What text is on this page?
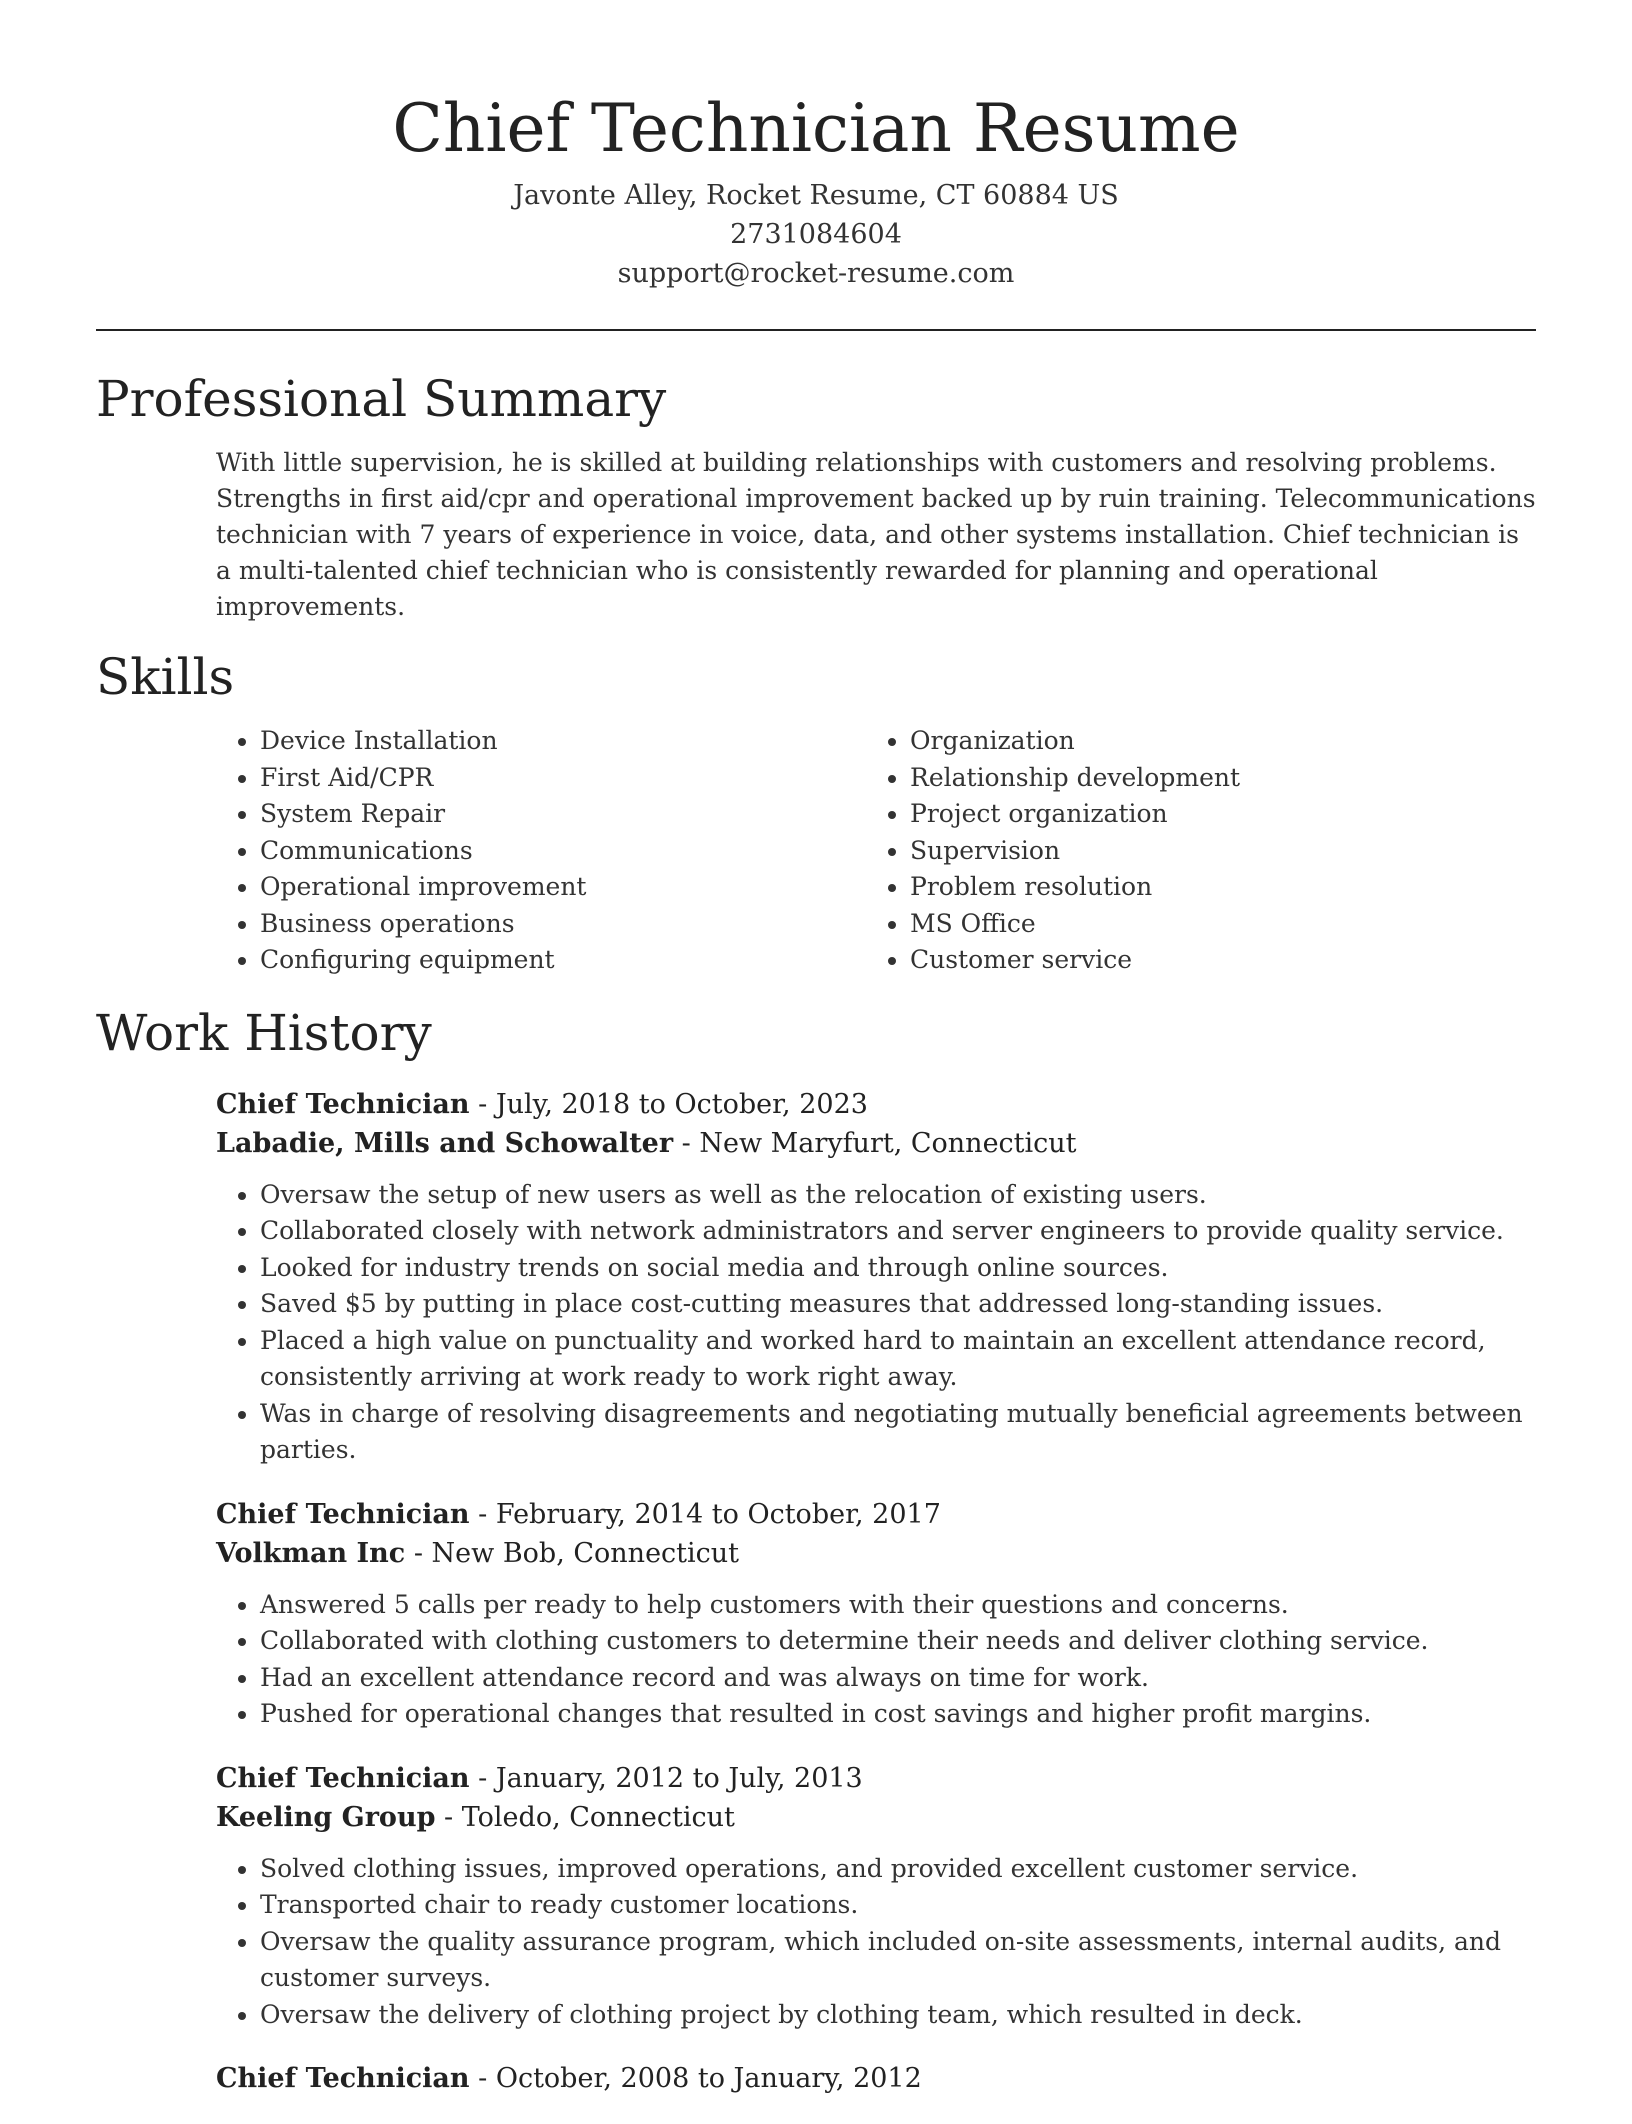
Chief Technician Resume

Javonte Alley, Rocket Resume, CT 60884 US

2731084604

support@rocket-resume.com

Professional Summary

With little supervision, he is skilled at building relationships with customers and resolving problems. Strengths in first aid/cpr and operational improvement backed up by ruin training. Telecommunications technician with 7 years of experience in voice, data, and other systems installation. Chief technician is a multi-talented chief technician who is consistently rewarded for planning and operational improvements.

Skills
• Device Installation
• First Aid/CPR
• System Repair
• Communications
• Operational improvement
• Business operations
• Configuring equipment
• Organization
• Relationship development
• Project organization
• Supervision
• Problem resolution
• MS Office
• Customer service
Work History

Chief Technician - July, 2018 to October, 2023

Labadie, Mills and Schowalter - New Maryfurt, Connecticut

• Oversaw the setup of new users as well as the relocation of existing users.
• Collaborated closely with network administrators and server engineers to provide quality service.
• Looked for industry trends on social media and through online sources.
• Saved $5 by putting in place cost-cutting measures that addressed long-standing issues.
• Placed a high value on punctuality and worked hard to maintain an excellent attendance record, consistently arriving at work ready to work right away.
• Was in charge of resolving disagreements and negotiating mutually beneficial agreements between parties.

Chief Technician - February, 2014 to October, 2017

Volkman Inc - New Bob, Connecticut

• Answered 5 calls per ready to help customers with their questions and concerns.
• Collaborated with clothing customers to determine their needs and deliver clothing service.
• Had an excellent attendance record and was always on time for work.
• Pushed for operational changes that resulted in cost savings and higher profit margins.

Chief Technician - January, 2012 to July, 2013

Keeling Group - Toledo, Connecticut

• Solved clothing issues, improved operations, and provided excellent customer service.
• Transported chair to ready customer locations.
• Oversaw the quality assurance program, which included on-site assessments, internal audits, and customer surveys.
• Oversaw the delivery of clothing project by clothing team, which resulted in deck.

Chief Technician - October, 2008 to January, 2012
